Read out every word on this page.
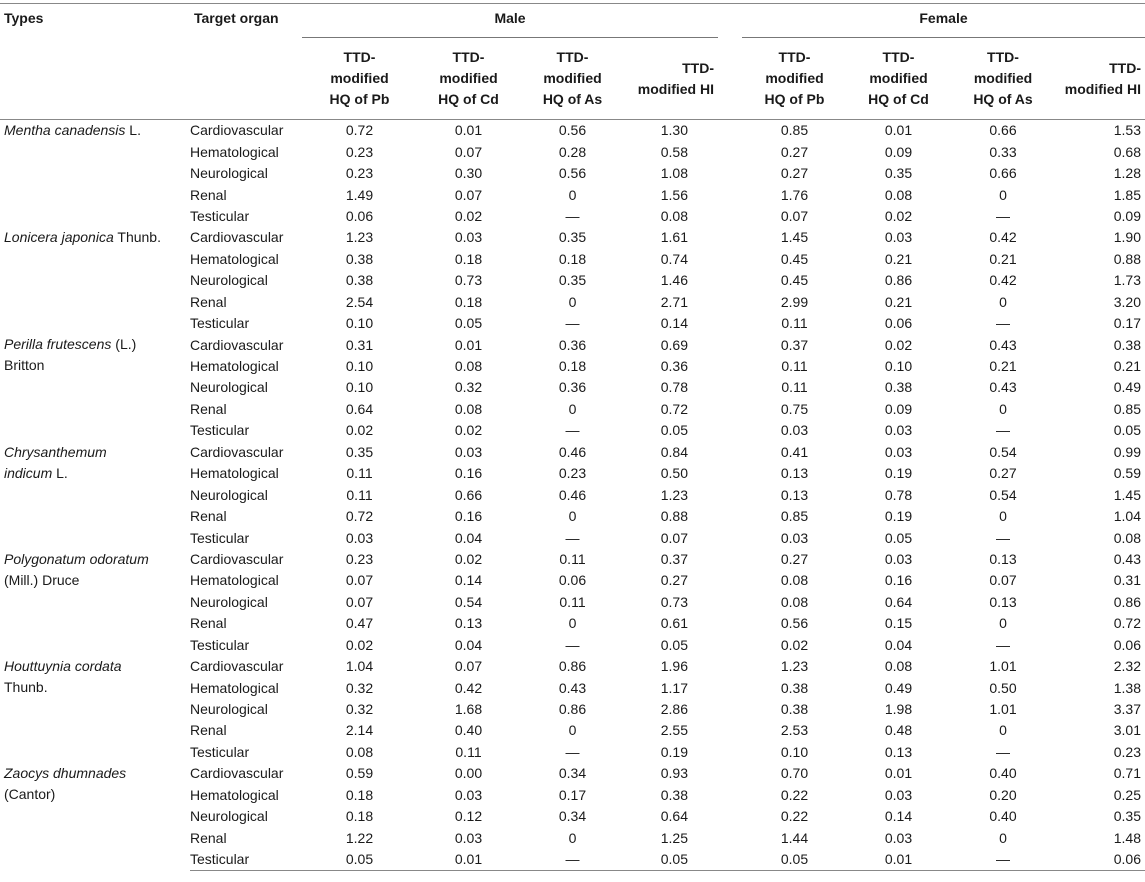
Types	Target organ	Male					Female			
		TTD-
modified
HQ of Pb	TTD-
modified
HQ of Cd	TTD-
modified
HQ of As	TTD-
modified HI		TTD-
modified
HQ of Pb	TTD-
modified
HQ of Cd	TTD-
modified
HQ of As	TTD-
modified HI
Mentha canadensis L.	Cardiovascular	0.72	0.01	0.56	1.30		0.85	0.01	0.66	1.53
	Hematological	0.23	0.07	0.28	0.58		0.27	0.09	0.33	0.68
	Neurological	0.23	0.30	0.56	1.08		0.27	0.35	0.66	1.28
	Renal	1.49	0.07	0	1.56		1.76	0.08	0	1.85
	Testicular	0.06	0.02	—	0.08		0.07	0.02	—	0.09
Lonicera japonica Thunb.	Cardiovascular	1.23	0.03	0.35	1.61		1.45	0.03	0.42	1.90
	Hematological	0.38	0.18	0.18	0.74		0.45	0.21	0.21	0.88
	Neurological	0.38	0.73	0.35	1.46		0.45	0.86	0.42	1.73
	Renal	2.54	0.18	0	2.71		2.99	0.21	0	3.20
	Testicular	0.10	0.05	—	0.14		0.11	0.06	—	0.17
Perilla frutescens (L.)
Britton	Cardiovascular	0.31	0.01	0.36	0.69		0.37	0.02	0.43	0.38
	Hematological	0.10	0.08	0.18	0.36		0.11	0.10	0.21	0.21
	Neurological	0.10	0.32	0.36	0.78		0.11	0.38	0.43	0.49
	Renal	0.64	0.08	0	0.72		0.75	0.09	0	0.85
	Testicular	0.02	0.02	—	0.05		0.03	0.03	—	0.05
Chrysanthemum
indicum L.	Cardiovascular	0.35	0.03	0.46	0.84		0.41	0.03	0.54	0.99
	Hematological	0.11	0.16	0.23	0.50		0.13	0.19	0.27	0.59
	Neurological	0.11	0.66	0.46	1.23		0.13	0.78	0.54	1.45
	Renal	0.72	0.16	0	0.88		0.85	0.19	0	1.04
	Testicular	0.03	0.04	—	0.07		0.03	0.05	—	0.08
Polygonatum odoratum
(Mill.) Druce	Cardiovascular	0.23	0.02	0.11	0.37		0.27	0.03	0.13	0.43
	Hematological	0.07	0.14	0.06	0.27		0.08	0.16	0.07	0.31
	Neurological	0.07	0.54	0.11	0.73		0.08	0.64	0.13	0.86
	Renal	0.47	0.13	0	0.61		0.56	0.15	0	0.72
	Testicular	0.02	0.04	—	0.05		0.02	0.04	—	0.06
Houttuynia cordata
Thunb.	Cardiovascular	1.04	0.07	0.86	1.96		1.23	0.08	1.01	2.32
	Hematological	0.32	0.42	0.43	1.17		0.38	0.49	0.50	1.38
	Neurological	0.32	1.68	0.86	2.86		0.38	1.98	1.01	3.37
	Renal	2.14	0.40	0	2.55		2.53	0.48	0	3.01
	Testicular	0.08	0.11	—	0.19		0.10	0.13	—	0.23
Zaocys dhumnades
(Cantor)	Cardiovascular	0.59	0.00	0.34	0.93		0.70	0.01	0.40	0.71
	Hematological	0.18	0.03	0.17	0.38		0.22	0.03	0.20	0.25
	Neurological	0.18	0.12	0.34	0.64		0.22	0.14	0.40	0.35
	Renal	1.22	0.03	0	1.25		1.44	0.03	0	1.48
	Testicular	0.05	0.01	—	0.05		0.05	0.01	—	0.06
